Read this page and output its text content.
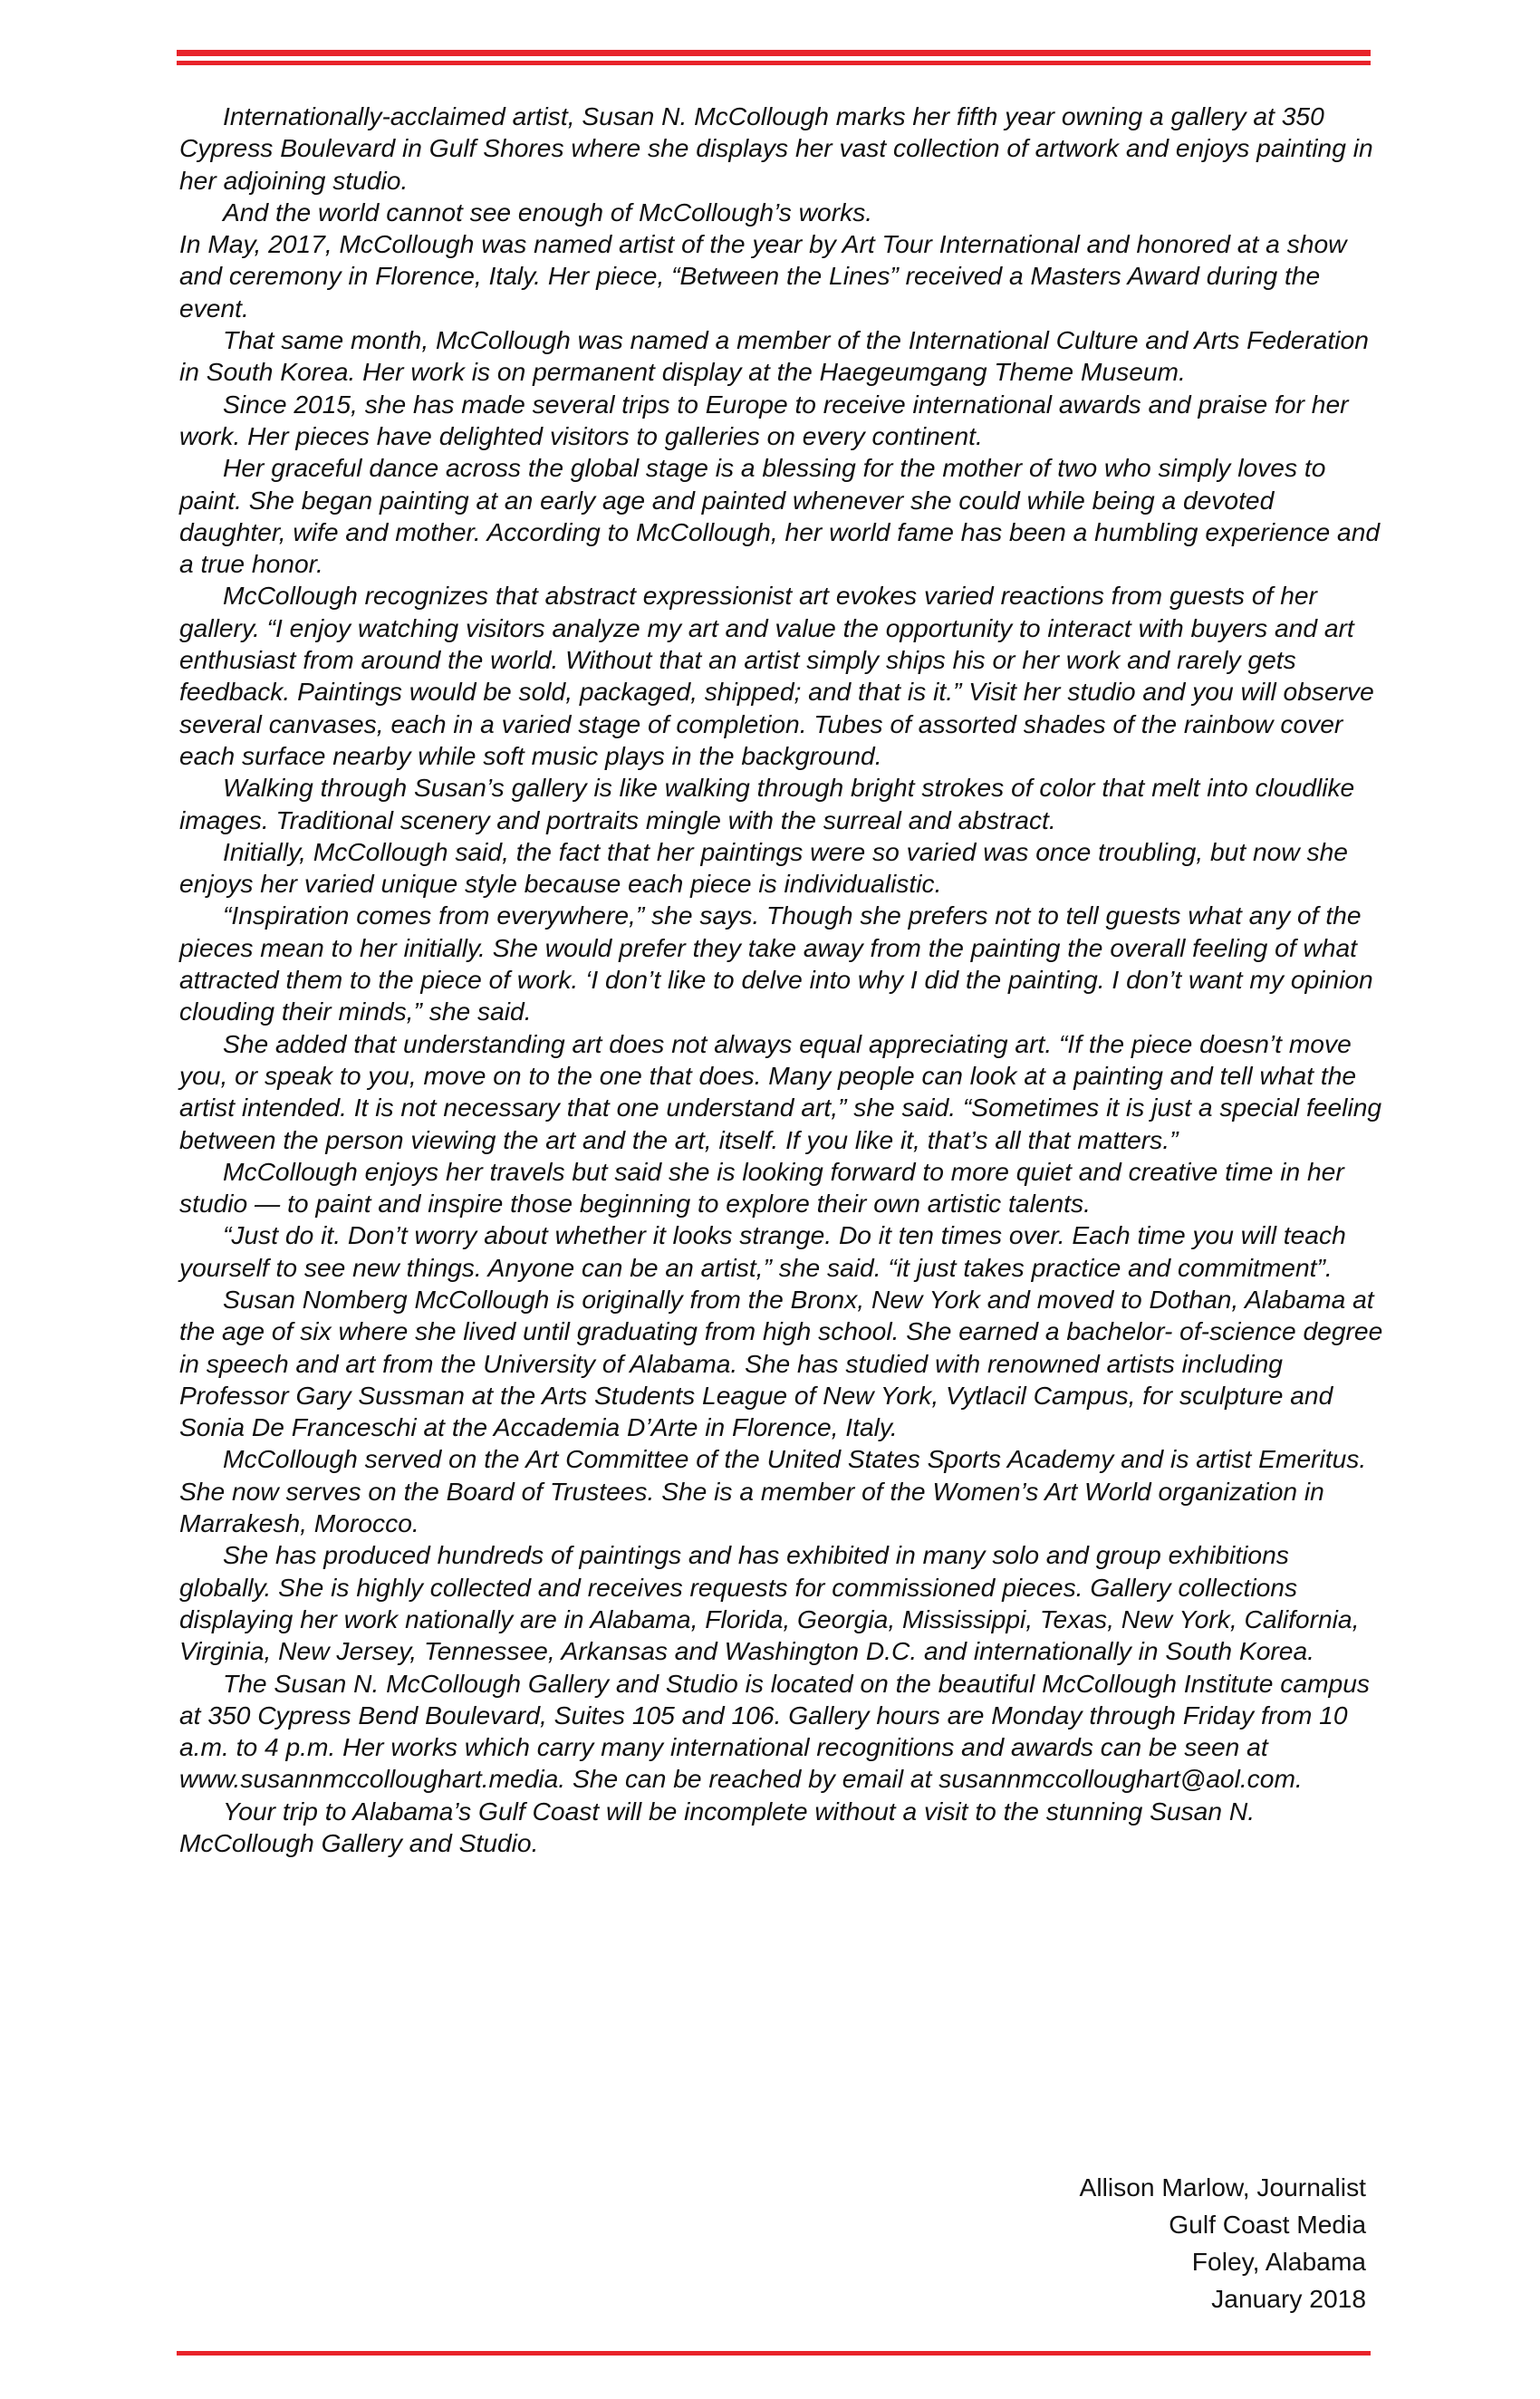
Internationally-acclaimed artist, Susan N. McCollough marks her fifth year owning a gallery at 350 Cypress Boulevard in Gulf Shores where she displays her vast collection of artwork and enjoys painting in her adjoining studio.

And the world cannot see enough of McCollough’s works.

In May, 2017, McCollough was named artist of the year by Art Tour International and honored at a show and ceremony in Florence, Italy. Her piece, “Between the Lines” received a Masters Award during the event.

That same month, McCollough was named a member of the International Culture and Arts Federation in South Korea. Her work is on permanent display at the Haegeumgang Theme Museum.

Since 2015, she has made several trips to Europe to receive international awards and praise for her work. Her pieces have delighted visitors to galleries on every continent.

Her graceful dance across the global stage is a blessing for the mother of two who simply loves to paint. She began painting at an early age and painted whenever she could while being a devoted daughter, wife and mother. According to McCollough, her world fame has been a humbling experience and a true honor.

McCollough recognizes that abstract expressionist art evokes varied reactions from guests of her gallery. “I enjoy watching visitors analyze my art and value the opportunity to interact with buyers and art enthusiast from around the world. Without that an artist simply ships his or her work and rarely gets feedback. Paintings would be sold, packaged, shipped; and that is it.” Visit her studio and you will observe several canvases, each in a varied stage of completion. Tubes of assorted shades of the rainbow cover each surface nearby while soft music plays in the background.

Walking through Susan’s gallery is like walking through bright strokes of color that melt into cloudlike images. Traditional scenery and portraits mingle with the surreal and abstract.

Initially, McCollough said, the fact that her paintings were so varied was once troubling, but now she enjoys her varied unique style because each piece is individualistic.

“Inspiration comes from everywhere,” she says. Though she prefers not to tell guests what any of the pieces mean to her initially. She would prefer they take away from the painting the overall feeling of what attracted them to the piece of work. ‘I don’t like to delve into why I did the painting. I don’t want my opinion clouding their minds,” she said.

She added that understanding art does not always equal appreciating art. “If the piece doesn’t move you, or speak to you, move on to the one that does. Many people can look at a painting and tell what the artist intended. It is not necessary that one understand art,” she said. “Sometimes it is just a special feeling between the person viewing the art and the art, itself. If you like it, that’s all that matters.”

McCollough enjoys her travels but said she is looking forward to more quiet and creative time in her studio — to paint and inspire those beginning to explore their own artistic talents.

“Just do it. Don’t worry about whether it looks strange. Do it ten times over. Each time you will teach yourself to see new things. Anyone can be an artist,” she said. “it just takes practice and commitment”.

Susan Nomberg McCollough is originally from the Bronx, New York and moved to Dothan, Alabama at the age of six where she lived until graduating from high school. She earned a bachelor- of-science degree in speech and art from the University of Alabama. She has studied with renowned artists including Professor Gary Sussman at the Arts Students League of New York, Vytlacil Campus, for sculpture and Sonia De Franceschi at the Accademia D’Arte in Florence, Italy.

McCollough served on the Art Committee of the United States Sports Academy and is artist Emeritus. She now serves on the Board of Trustees. She is a member of the Women’s Art World organization in Marrakesh, Morocco.

She has produced hundreds of paintings and has exhibited in many solo and group exhibitions globally. She is highly collected and receives requests for commissioned pieces. Gallery collections displaying her work nationally are in Alabama, Florida, Georgia, Mississippi, Texas, New York, California, Virginia, New Jersey, Tennessee, Arkansas and Washington D.C. and internationally in South Korea.

The Susan N. McCollough Gallery and Studio is located on the beautiful McCollough Institute campus at 350 Cypress Bend Boulevard, Suites 105 and 106. Gallery hours are Monday through Friday from 10 a.m. to 4 p.m. Her works which carry many international recognitions and awards can be seen at www.susannmccolloughart.media. She can be reached by email at susannmccolloughart@aol.com.

Your trip to Alabama’s Gulf Coast will be incomplete without a visit to the stunning Susan N. McCollough Gallery and Studio.

Allison Marlow, Journalist
Gulf Coast Media
Foley, Alabama
January 2018
